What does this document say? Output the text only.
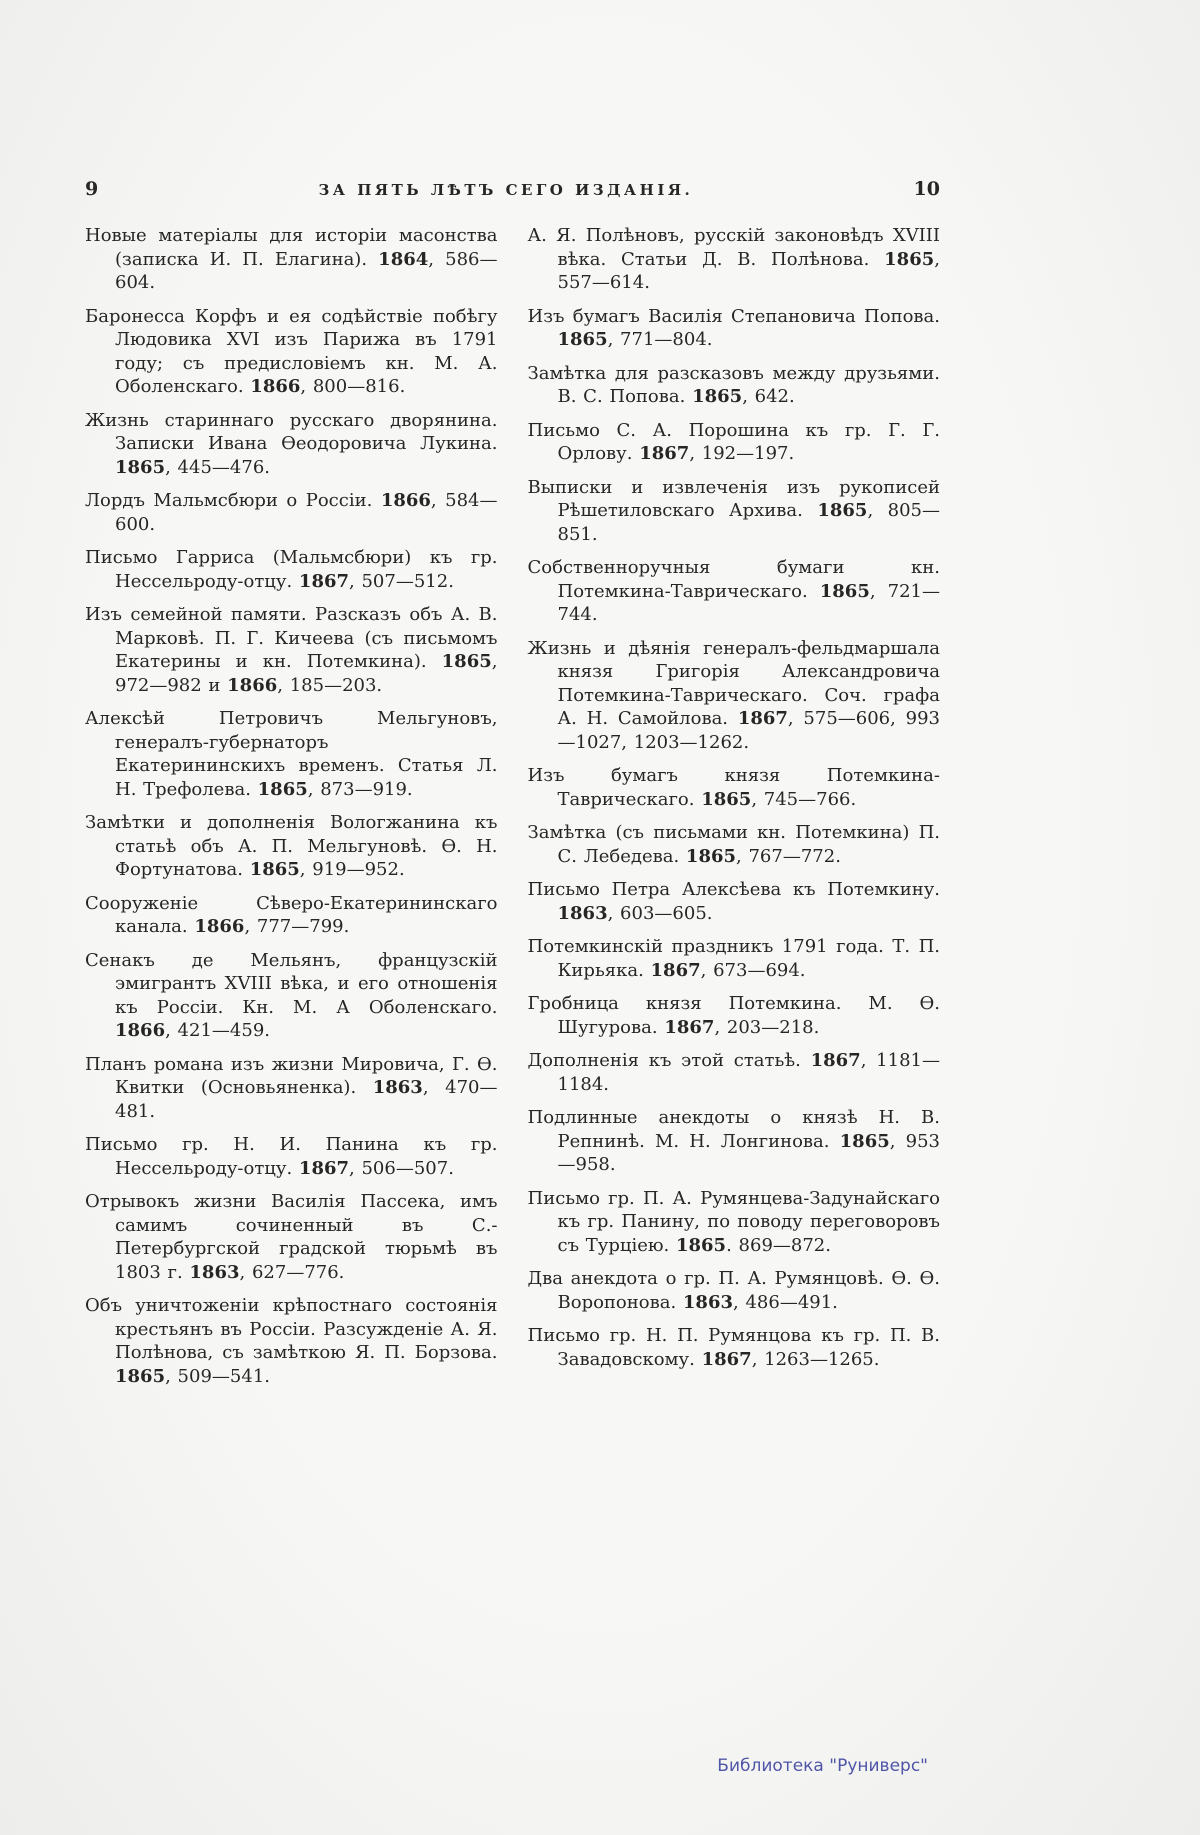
9	ЗА ПЯТЬ ЛѢТЪ СЕГО ИЗДАНІЯ.	10

Новые матеріалы для исторіи масонства (записка И. П. Елагина). 1864, 586—604.

Баронесса Корфъ и ея содѣйствіе побѣгу Людовика XVI изъ Парижа въ 1791 году; съ предисловіемъ кн. М. А. Оболенскаго. 1866, 800—816.

Жизнь стариннаго русскаго дворянина. Записки Ивана Ѳеодоровича Лукина. 1865, 445—476.

Лордъ Мальмсбюри о Россіи. 1866, 584—600.

Письмо Гарриса (Мальмсбюри) къ гр. Нессельроду-отцу. 1867, 507—512.

Изъ семейной памяти. Разсказъ объ А. В. Марковѣ. П. Г. Кичеева (съ письмомъ Екатерины и кн. Потемкина). 1865, 972—982 и 1866, 185—203.

Алексѣй Петровичъ Мельгуновъ, генералъ-губернаторъ Екатерининскихъ временъ. Статья Л. Н. Трефолева. 1865, 873—919.

Замѣтки и дополненія Вологжанина къ статьѣ объ А. П. Мельгуновѣ. Ѳ. Н. Фортунатова. 1865, 919—952.

Сооруженіе Сѣверо-Екатерининскаго канала. 1866, 777—799.

Сенакъ де Мельянъ, французскій эмигрантъ XVIII вѣка, и его отношенія къ Россіи. Кн. М. А Оболенскаго. 1866, 421—459.

Планъ романа изъ жизни Мировича, Г. Ѳ. Квитки (Основьяненка). 1863, 470—481.

Письмо гр. Н. И. Панина къ гр. Нессельроду-отцу. 1867, 506—507.

Отрывокъ жизни Василія Пассека, имъ самимъ сочиненный въ С.-Петербургской градской тюрьмѣ въ 1803 г. 1863, 627—776.

Объ уничтоженіи крѣпостнаго состоянія крестьянъ въ Россіи. Разсужденіе А. Я. Полѣнова, съ замѣткою Я. П. Борзова. 1865, 509—541.

А. Я. Полѣновъ, русскій законовѣдъ XVIII вѣка. Статьи Д. В. Полѣнова. 1865, 557—614.

Изъ бумагъ Василія Степановича Попова. 1865, 771—804.

Замѣтка для разсказовъ между друзьями. В. С. Попова. 1865, 642.

Письмо С. А. Порошина къ гр. Г. Г. Орлову. 1867, 192—197.

Выписки и извлеченія изъ рукописей Рѣшетиловскаго Архива. 1865, 805—851.

Собственноручныя бумаги кн. Потемкина-Таврическаго. 1865, 721—744.

Жизнь и дѣянія генералъ-фельдмаршала князя Григорія Александровича Потемкина-Таврическаго. Соч. графа А. Н. Самойлова. 1867, 575—606, 993—1027, 1203—1262.

Изъ бумагъ князя Потемкина-Таврическаго. 1865, 745—766.

Замѣтка (съ письмами кн. Потемкина) П. С. Лебедева. 1865, 767—772.

Письмо Петра Алексѣева къ Потемкину. 1863, 603—605.

Потемкинскій праздникъ 1791 года. Т. П. Кирьяка. 1867, 673—694.

Гробница князя Потемкина. М. Ѳ. Шугурова. 1867, 203—218.

Дополненія къ этой статьѣ. 1867, 1181—1184.

Подлинные анекдоты о князѣ Н. В. Репнинѣ. М. Н. Лонгинова. 1865, 953—958.

Письмо гр. П. А. Румянцева-Задунайскаго къ гр. Панину, по поводу переговоровъ съ Турціею. 1865. 869—872.

Два анекдота о гр. П. А. Румянцовѣ. Ѳ. Ѳ. Воропонова. 1863, 486—491.

Письмо гр. Н. П. Румянцова къ гр. П. В. Завадовскому. 1867, 1263—1265.

Библиотека "Руниверс"
